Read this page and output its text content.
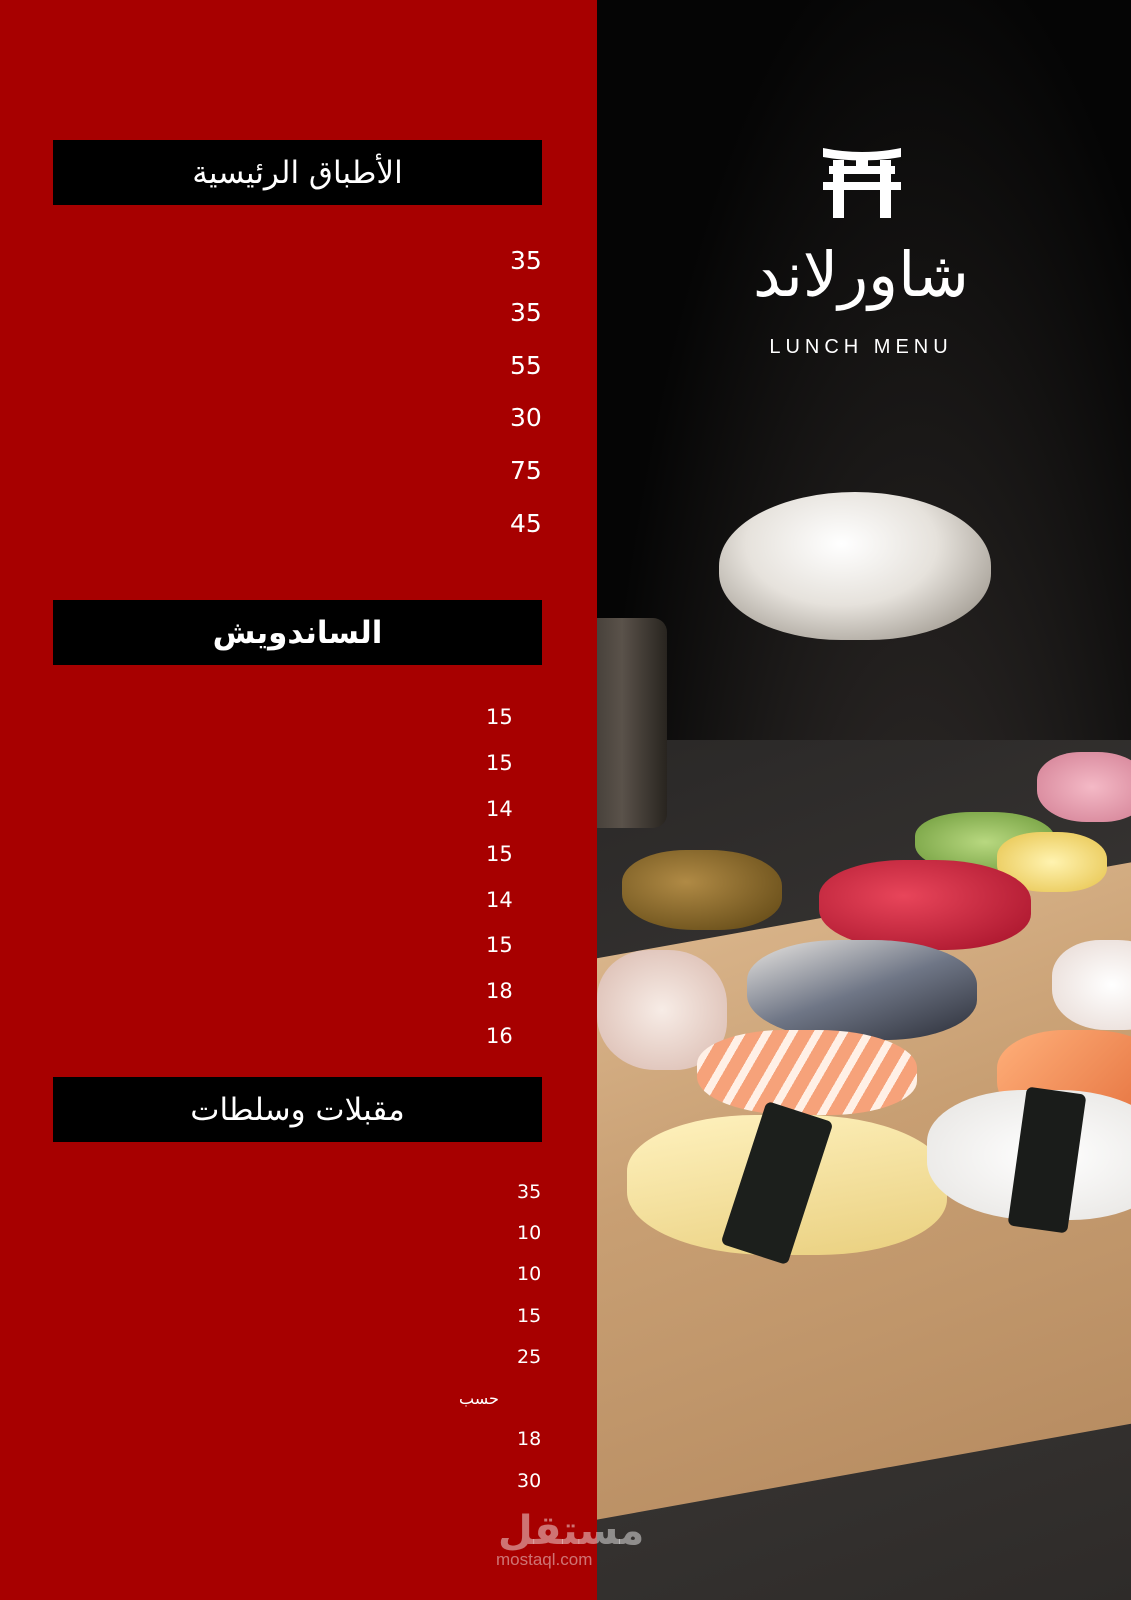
الأطباق الرئيسية
35
35
55
30
75
45
الساندويش
15
15
14
15
14
15
18
16
مقبلات وسلطات
35
10
10
15
25
حسب
18
30
شاورلاند
LUNCH MENU
مستقل
mostaql.com
